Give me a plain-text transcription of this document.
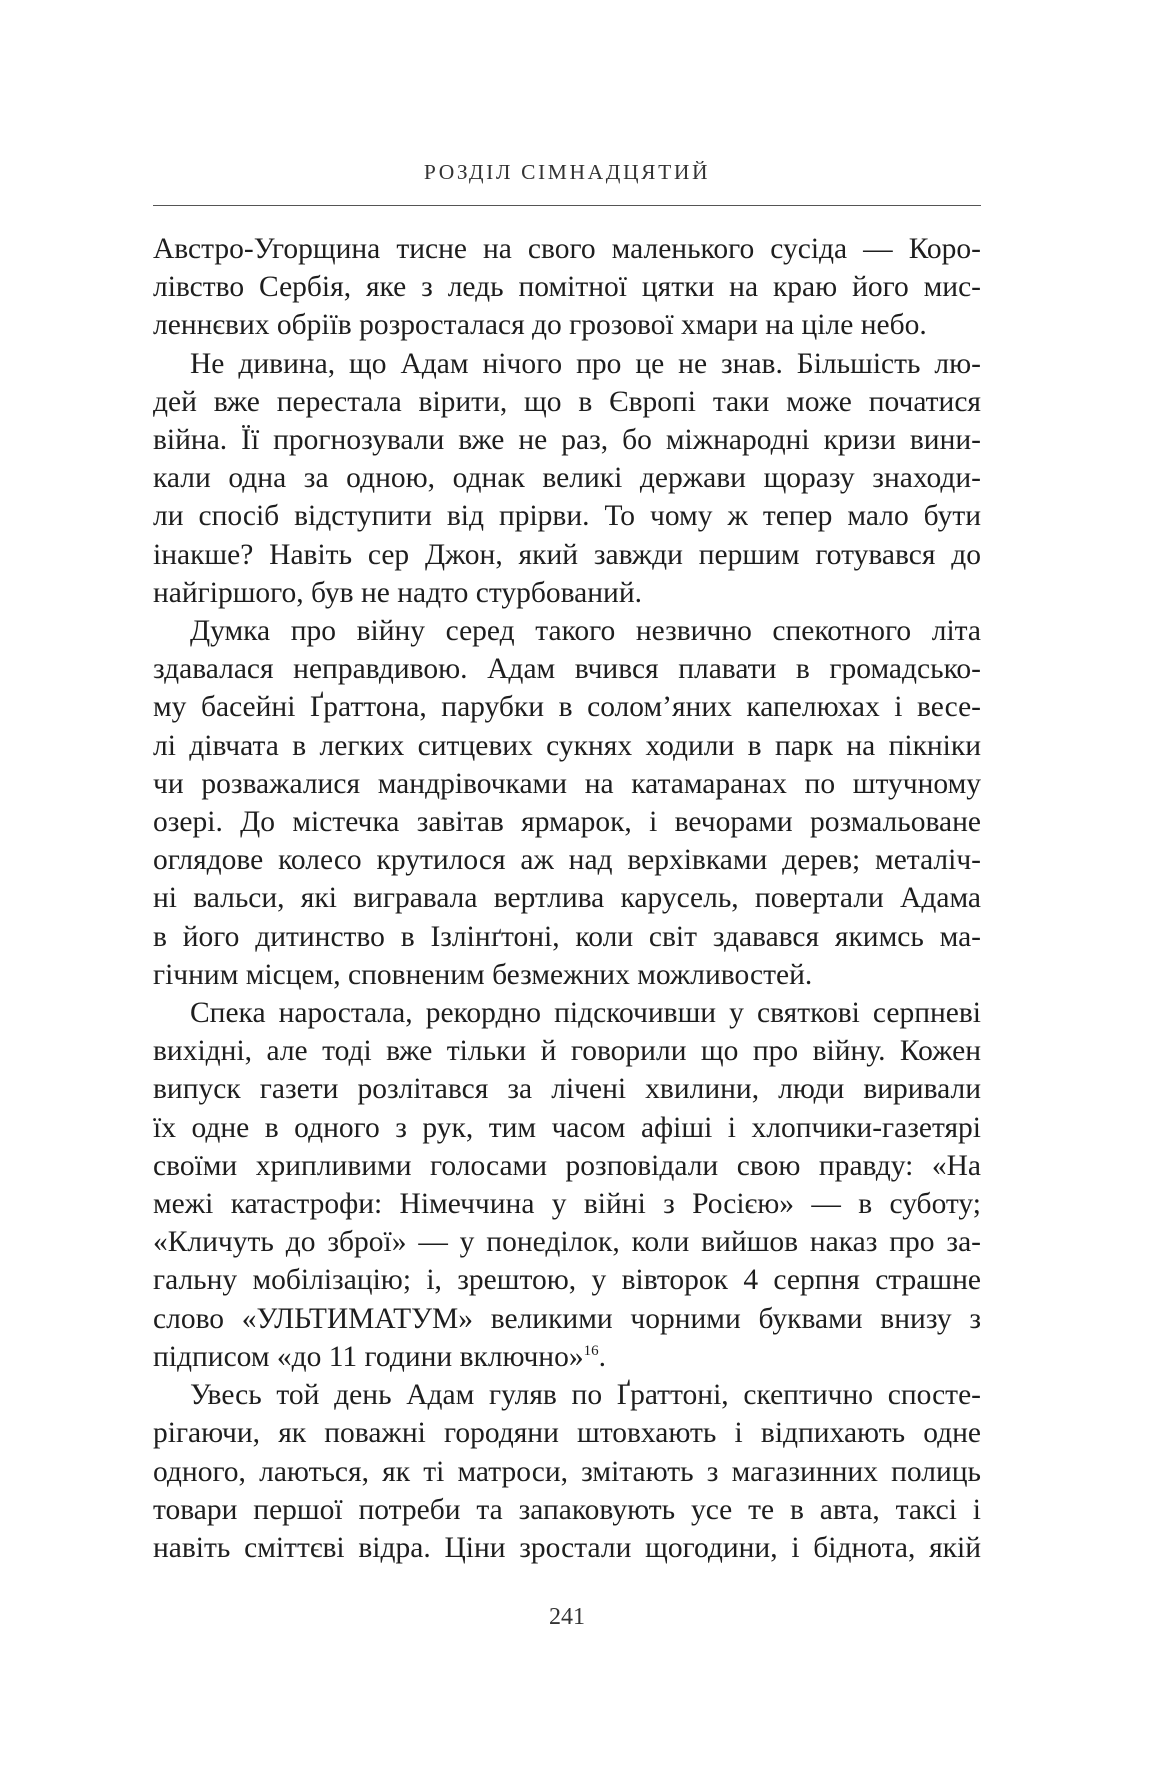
РОЗДІЛ СІМНАДЦЯТИЙ

Австро-Угорщина тисне на свого маленького сусіда — Коро-
лівство Сербія, яке з ледь помітної цятки на краю його мис-
леннєвих обріїв розросталася до грозової хмари на ціле небо.

Не дивина, що Адам нічого про це не знав. Більшість лю-
дей вже перестала вірити, що в Європі таки може початися
війна. Її прогнозували вже не раз, бо міжнародні кризи вини-
кали одна за одною, однак великі держави щоразу знаходи-
ли спосіб відступити від прірви. То чому ж тепер мало бути
інакше? Навіть сер Джон, який завжди першим готувався до
найгіршого, був не надто стурбований.

Думка про війну серед такого незвично спекотного літа
здавалася неправдивою. Адам вчився плавати в громадсько-
му басейні Ґраттона, парубки в солом’яних капелюхах і весе-
лі дівчата в легких ситцевих сукнях ходили в парк на пікніки
чи розважалися мандрівочками на катамаранах по штучному
озері. До містечка завітав ярмарок, і вечорами розмальоване
оглядове колесо крутилося аж над верхівками дерев; металіч-
ні вальси, які вигравала вертлива карусель, повертали Адама
в його дитинство в Ізлінґтоні, коли світ здавався якимсь ма-
гічним місцем, сповненим безмежних можливостей.

Спека наростала, рекордно підскочивши у святкові серпневі
вихідні, але тоді вже тільки й говорили що про війну. Кожен
випуск газети розлітався за лічені хвилини, люди виривали
їх одне в одного з рук, тим часом афіші і хлопчики-газетярі
своїми хрипливими голосами розповідали свою правду: «На
межі катастрофи: Німеччина у війні з Росією» — в суботу;
«Кличуть до зброї» — у понеділок, коли вийшов наказ про за-
гальну мобілізацію; і, зрештою, у вівторок 4 серпня страшне
слово «УЛЬТИМАТУМ» великими чорними буквами внизу з
підписом «до 11 години включно»$^{16}$.

Увесь той день Адам гуляв по Ґраттоні, скептично спосте-
рігаючи, як поважні городяни штовхають і відпихають одне
одного, лаються, як ті матроси, змітають з магазинних полиць
товари першої потреби та запаковують усе те в авта, таксі і
навіть сміттєві відра. Ціни зростали щогодини, і біднота, якій

241
